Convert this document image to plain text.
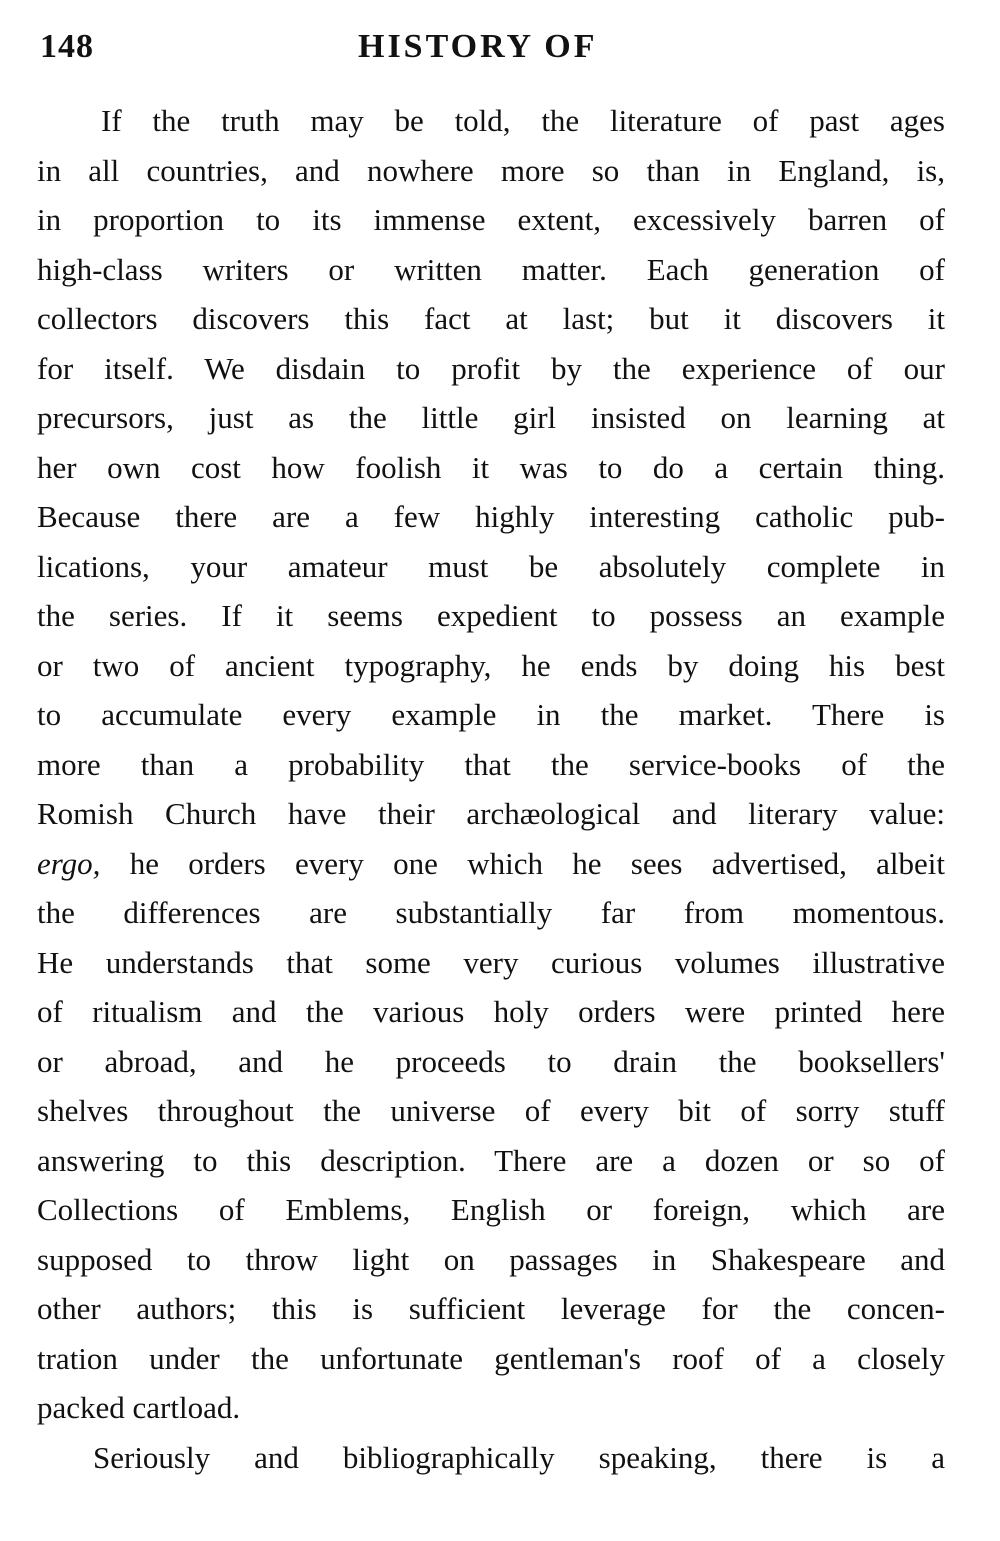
148	HISTORY OF
If the truth may be told, the literature of past ages
in all countries, and nowhere more so than in England, is,
in proportion to its immense extent, excessively barren of
high-class writers or written matter. Each generation of
collectors discovers this fact at last; but it discovers it
for itself. We disdain to profit by the experience of our
precursors, just as the little girl insisted on learning at
her own cost how foolish it was to do a certain thing.
Because there are a few highly interesting catholic pub-
lications, your amateur must be absolutely complete in
the series. If it seems expedient to possess an example
or two of ancient typography, he ends by doing his best
to accumulate every example in the market. There is
more than a probability that the service-books of the
Romish Church have their archæological and literary value:
ergo, he orders every one which he sees advertised, albeit
the differences are substantially far from momentous.
He understands that some very curious volumes illustrative
of ritualism and the various holy orders were printed here
or abroad, and he proceeds to drain the booksellers'
shelves throughout the universe of every bit of sorry stuff
answering to this description. There are a dozen or so of
Collections of Emblems, English or foreign, which are
supposed to throw light on passages in Shakespeare and
other authors; this is sufficient leverage for the concen-
tration under the unfortunate gentleman's roof of a closely
packed cartload.
Seriously and bibliographically speaking, there is a
